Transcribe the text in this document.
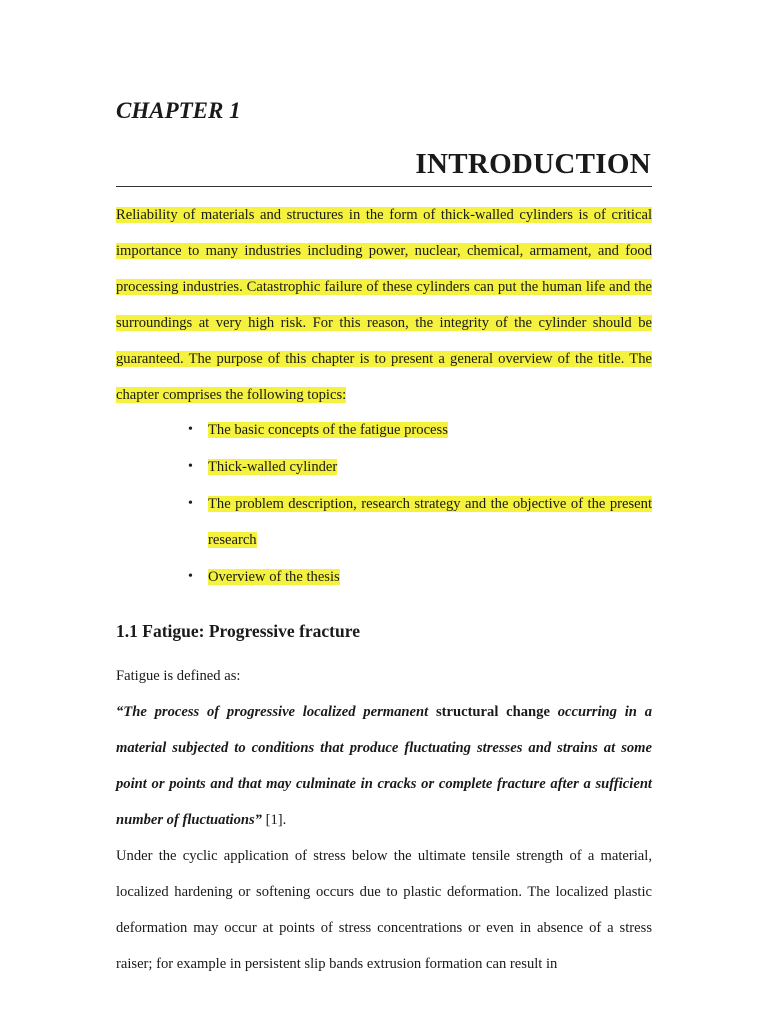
CHAPTER 1
INTRODUCTION

Reliability of materials and structures in the form of thick-walled cylinders is of critical importance to many industries including power, nuclear, chemical, armament, and food processing industries. Catastrophic failure of these cylinders can put the human life and the surroundings at very high risk. For this reason, the integrity of the cylinder should be guaranteed. The purpose of this chapter is to present a general overview of the title. The chapter comprises the following topics:

• The basic concepts of the fatigue process
• Thick-walled cylinder
• The problem description, research strategy and the objective of the present research
• Overview of the thesis
1.1 Fatigue: Progressive fracture

Fatigue is defined as:

“The process of progressive localized permanent structural change occurring in a material subjected to conditions that produce fluctuating stresses and strains at some point or points and that may culminate in cracks or complete fracture after a sufficient number of fluctuations” [1].

Under the cyclic application of stress below the ultimate tensile strength of a material, localized hardening or softening occurs due to plastic deformation. The localized plastic deformation may occur at points of stress concentrations or even in absence of a stress raiser; for example in persistent slip bands extrusion formation can result in
